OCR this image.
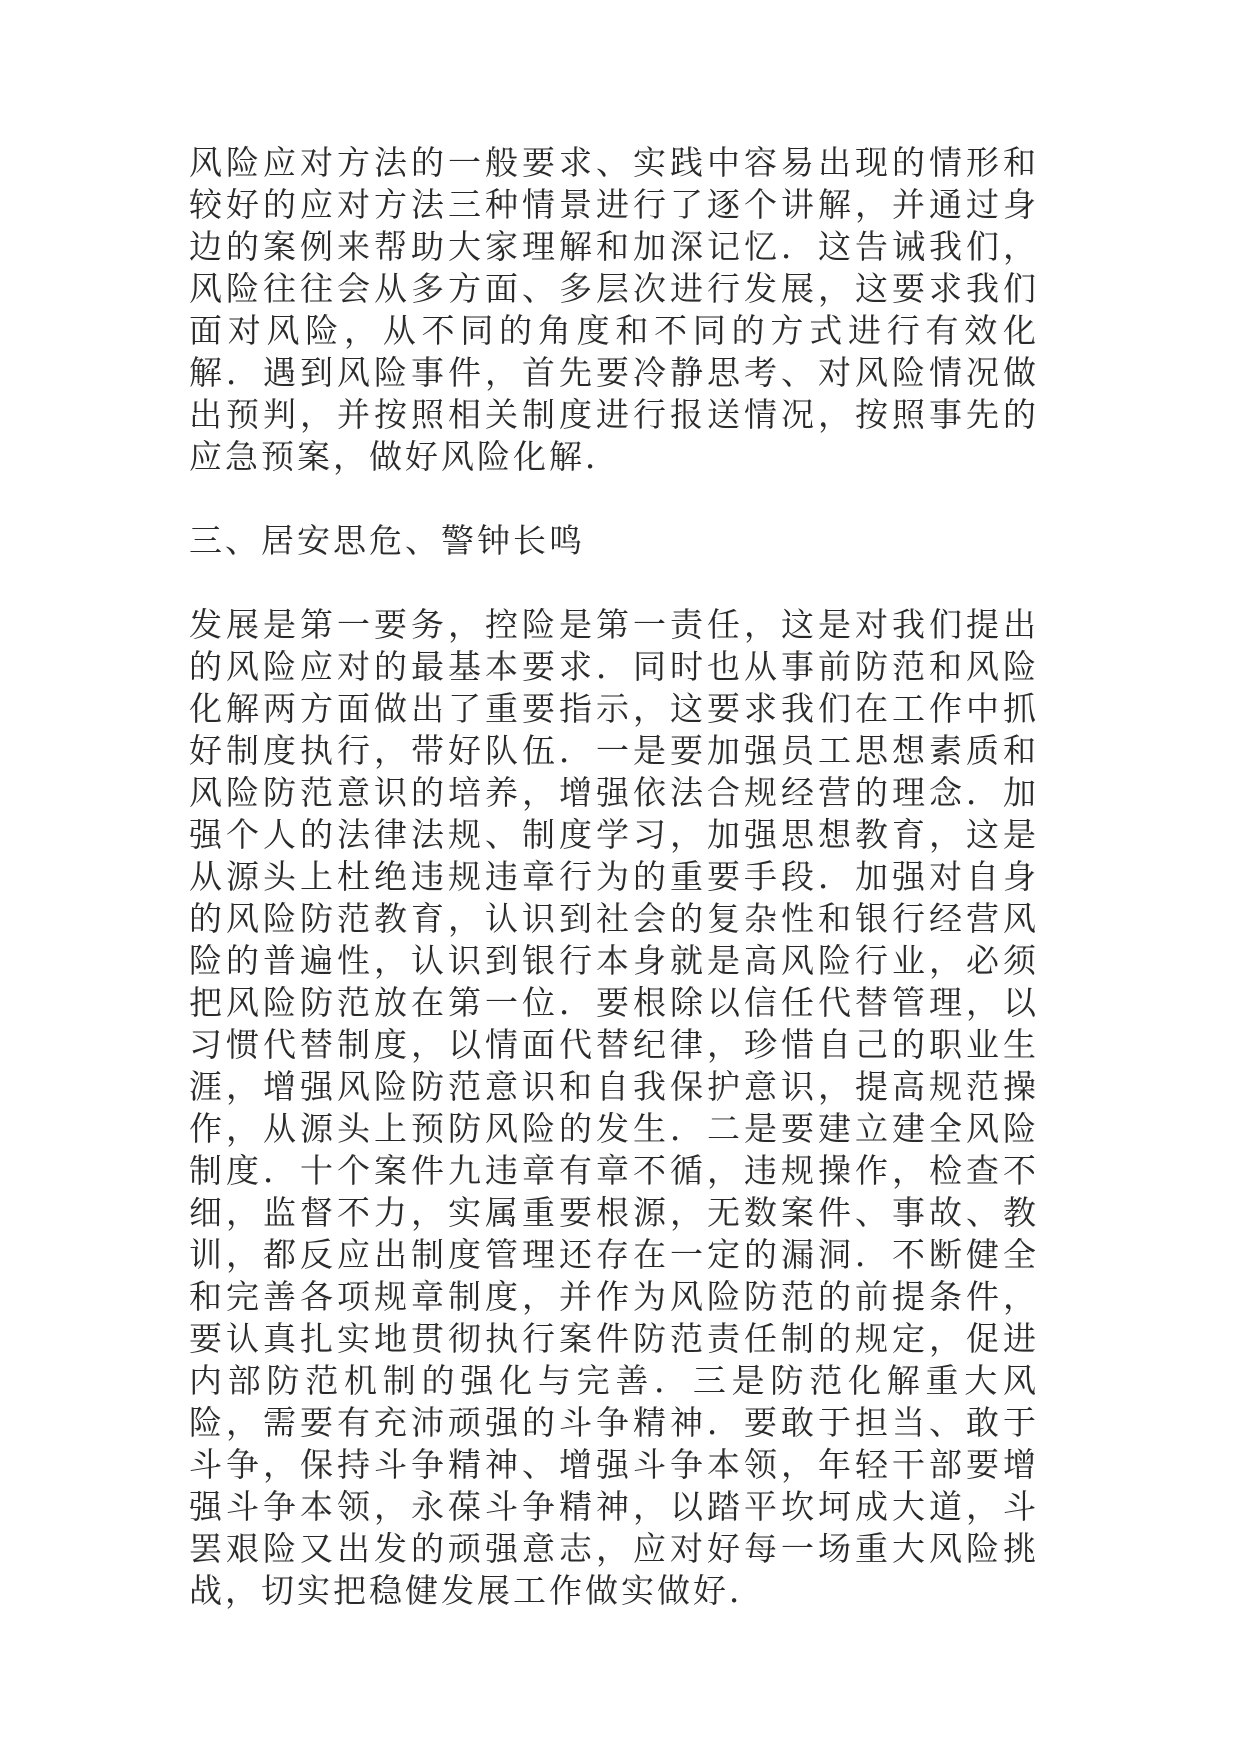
风险应对方法的一般要求、实践中容易出现的情形和较好的应对方法三种情景进行了逐个讲解，并通过身边的案例来帮助大家理解和加深记忆．这告诫我们，风险往往会从多方面、多层次进行发展，这要求我们面对风险，从不同的角度和不同的方式进行有效化解．遇到风险事件，首先要冷静思考、对风险情况做出预判，并按照相关制度进行报送情况，按照事先的应急预案，做好风险化解．

三、居安思危、警钟长鸣

发展是第一要务，控险是第一责任，这是对我们提出的风险应对的最基本要求．同时也从事前防范和风险化解两方面做出了重要指示，这要求我们在工作中抓好制度执行，带好队伍．一是要加强员工思想素质和风险防范意识的培养，增强依法合规经营的理念．加强个人的法律法规、制度学习，加强思想教育，这是从源头上杜绝违规违章行为的重要手段．加强对自身的风险防范教育，认识到社会的复杂性和银行经营风险的普遍性，认识到银行本身就是高风险行业，必须把风险防范放在第一位．要根除以信任代替管理，以习惯代替制度，以情面代替纪律，珍惜自己的职业生涯，增强风险防范意识和自我保护意识，提高规范操作，从源头上预防风险的发生．二是要建立建全风险制度．十个案件九违章有章不循，违规操作，检查不细，监督不力，实属重要根源，无数案件、事故、教训，都反应出制度管理还存在一定的漏洞．不断健全和完善各项规章制度，并作为风险防范的前提条件，要认真扎实地贯彻执行案件防范责任制的规定，促进内部防范机制的强化与完善．三是防范化解重大风险，需要有充沛顽强的斗争精神．要敢于担当、敢于斗争，保持斗争精神、增强斗争本领，年轻干部要增强斗争本领，永葆斗争精神，以踏平坎坷成大道，斗罢艰险又出发的顽强意志，应对好每一场重大风险挑战，切实把稳健发展工作做实做好．
